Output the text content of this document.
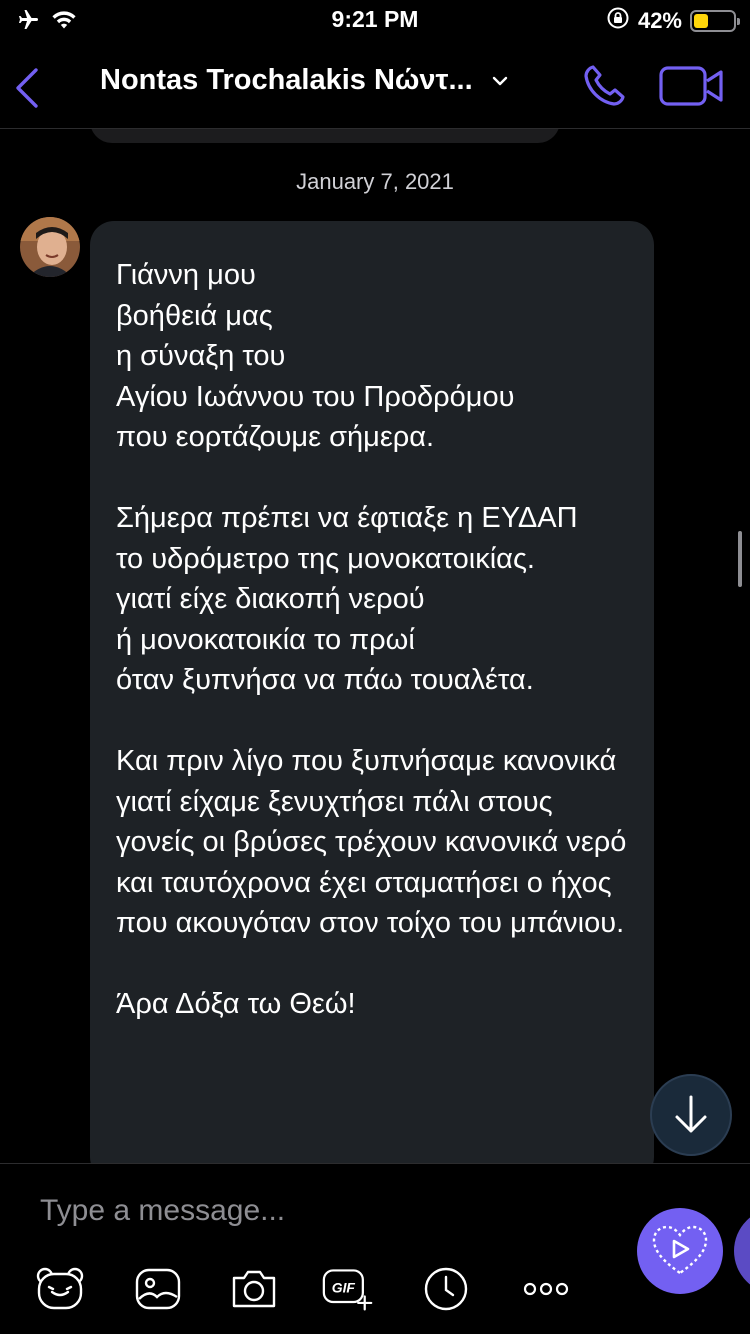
9:21 PM	42%
Nontas Trochalakis Νώντ...
January 7, 2021

Γιάννη μου
βοήθειά μας
η σύναξη του
Αγίου Ιωάννου του Προδρόμου
που εορτάζουμε σήμερα.

Σήμερα πρέπει να έφτιαξε η ΕΥΔΑΠ
το υδρόμετρο της μονοκατοικίας.
γιατί είχε διακοπή νερού
ή μονοκατοικία το πρωί
όταν ξυπνήσα να πάω τουαλέτα.

Και πριν λίγο που ξυπνήσαμε κανονικά γιατί είχαμε ξενυχτήσει πάλι στους γονείς οι βρύσες τρέχουν κανονικά νερό και ταυτόχρονα έχει σταματήσει ο ήχος που ακουγόταν στον τοίχο του μπάνιου.

Άρα Δόξα τω Θεώ!

Type a message...
GIF
